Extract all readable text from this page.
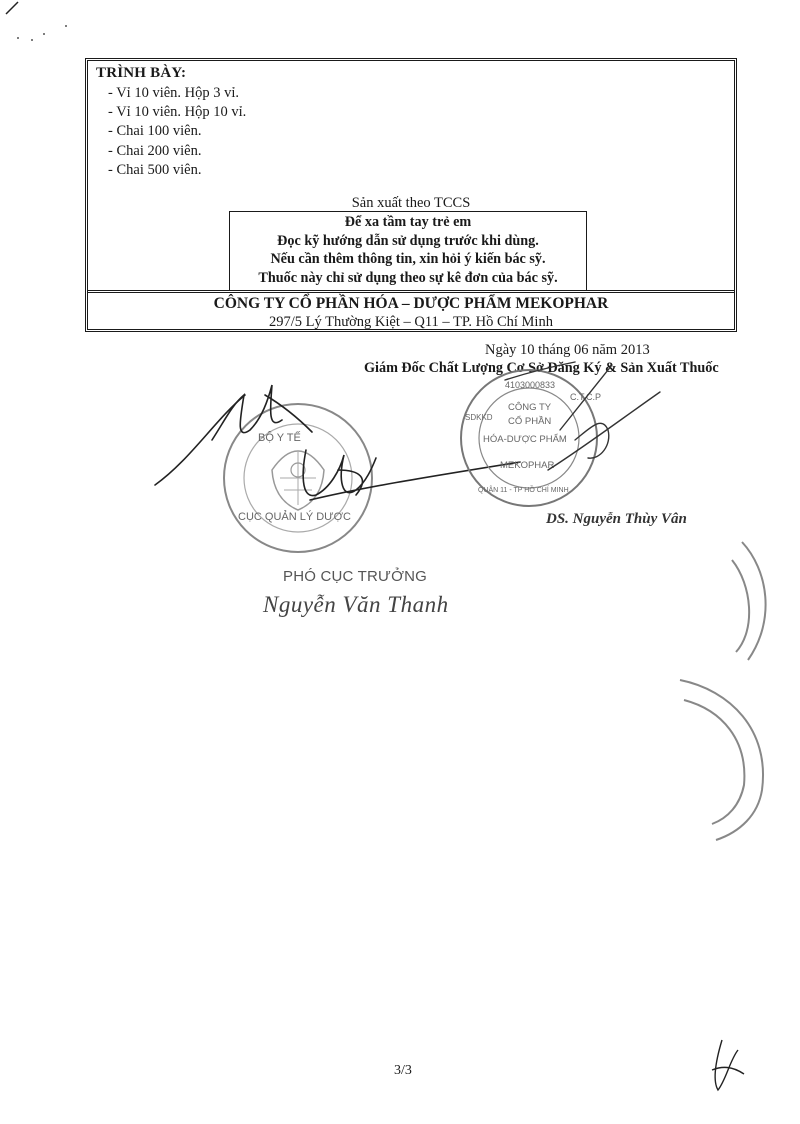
TRÌNH BÀY:
- Vỉ 10 viên. Hộp 3 vỉ.
- Vỉ 10 viên. Hộp 10 vỉ.
- Chai 100 viên.
- Chai 200 viên.
- Chai 500 viên.
Sản xuất theo TCCS
Để xa tầm tay trẻ em
Đọc kỹ hướng dẫn sử dụng trước khi dùng.
Nếu cần thêm thông tin, xin hỏi ý kiến bác sỹ.
Thuốc này chỉ sử dụng theo sự kê đơn của bác sỹ.
CÔNG TY CỔ PHẦN HÓA – DƯỢC PHẨM MEKOPHAR
297/5 Lý Thường Kiệt – Q11 – TP. Hồ Chí Minh
Ngày 10 tháng 06 năm 2013
Giám Đốc Chất Lượng Cơ Sở Đăng Ký & Sản Xuất Thuốc
DS. Nguyễn Thùy Vân
PHÓ CỤC TRƯỞNG
Nguyễn Văn Thanh
3/3
BỘ Y TẾ
CỤC QUẢN LÝ DƯỢC
4103000833
C.T.C.P
CÔNG TY
CỔ PHẦN
HÓA-DƯỢC PHẨM
MEKOPHAR
SDKKD
QUẬN 11 - TP HỒ CHÍ MINH
